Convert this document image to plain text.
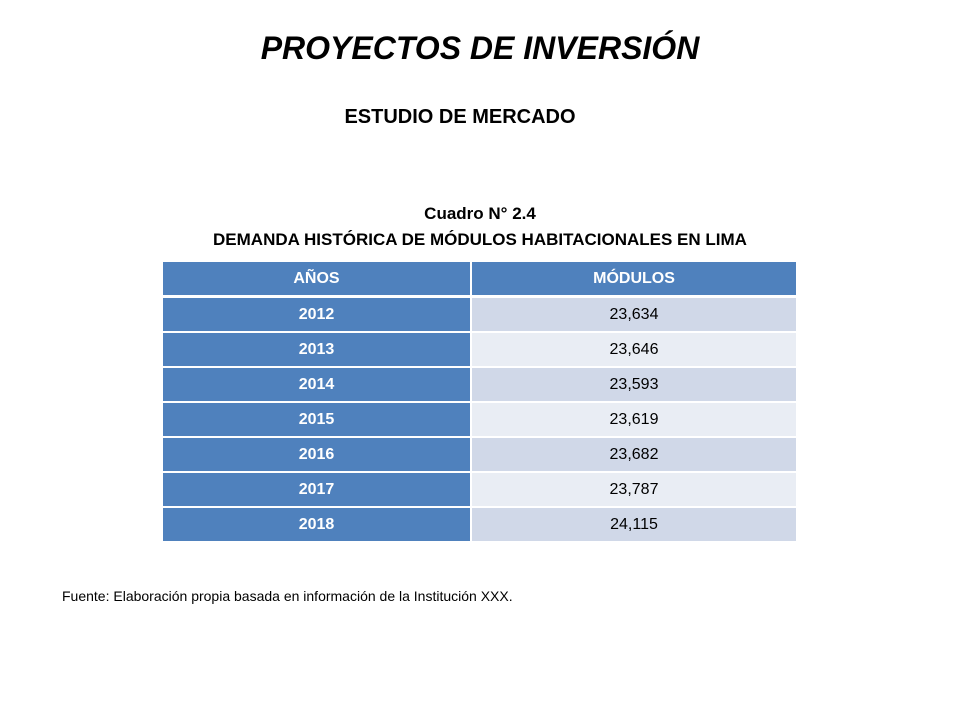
PROYECTOS DE INVERSIÓN
ESTUDIO DE MERCADO
Cuadro N° 2.4
DEMANDA HISTÓRICA DE MÓDULOS HABITACIONALES EN LIMA
AÑOS	MÓDULOS
2012	23,634
2013	23,646
2014	23,593
2015	23,619
2016	23,682
2017	23,787
2018	24,115
Fuente: Elaboración propia basada en información de la Institución XXX.
